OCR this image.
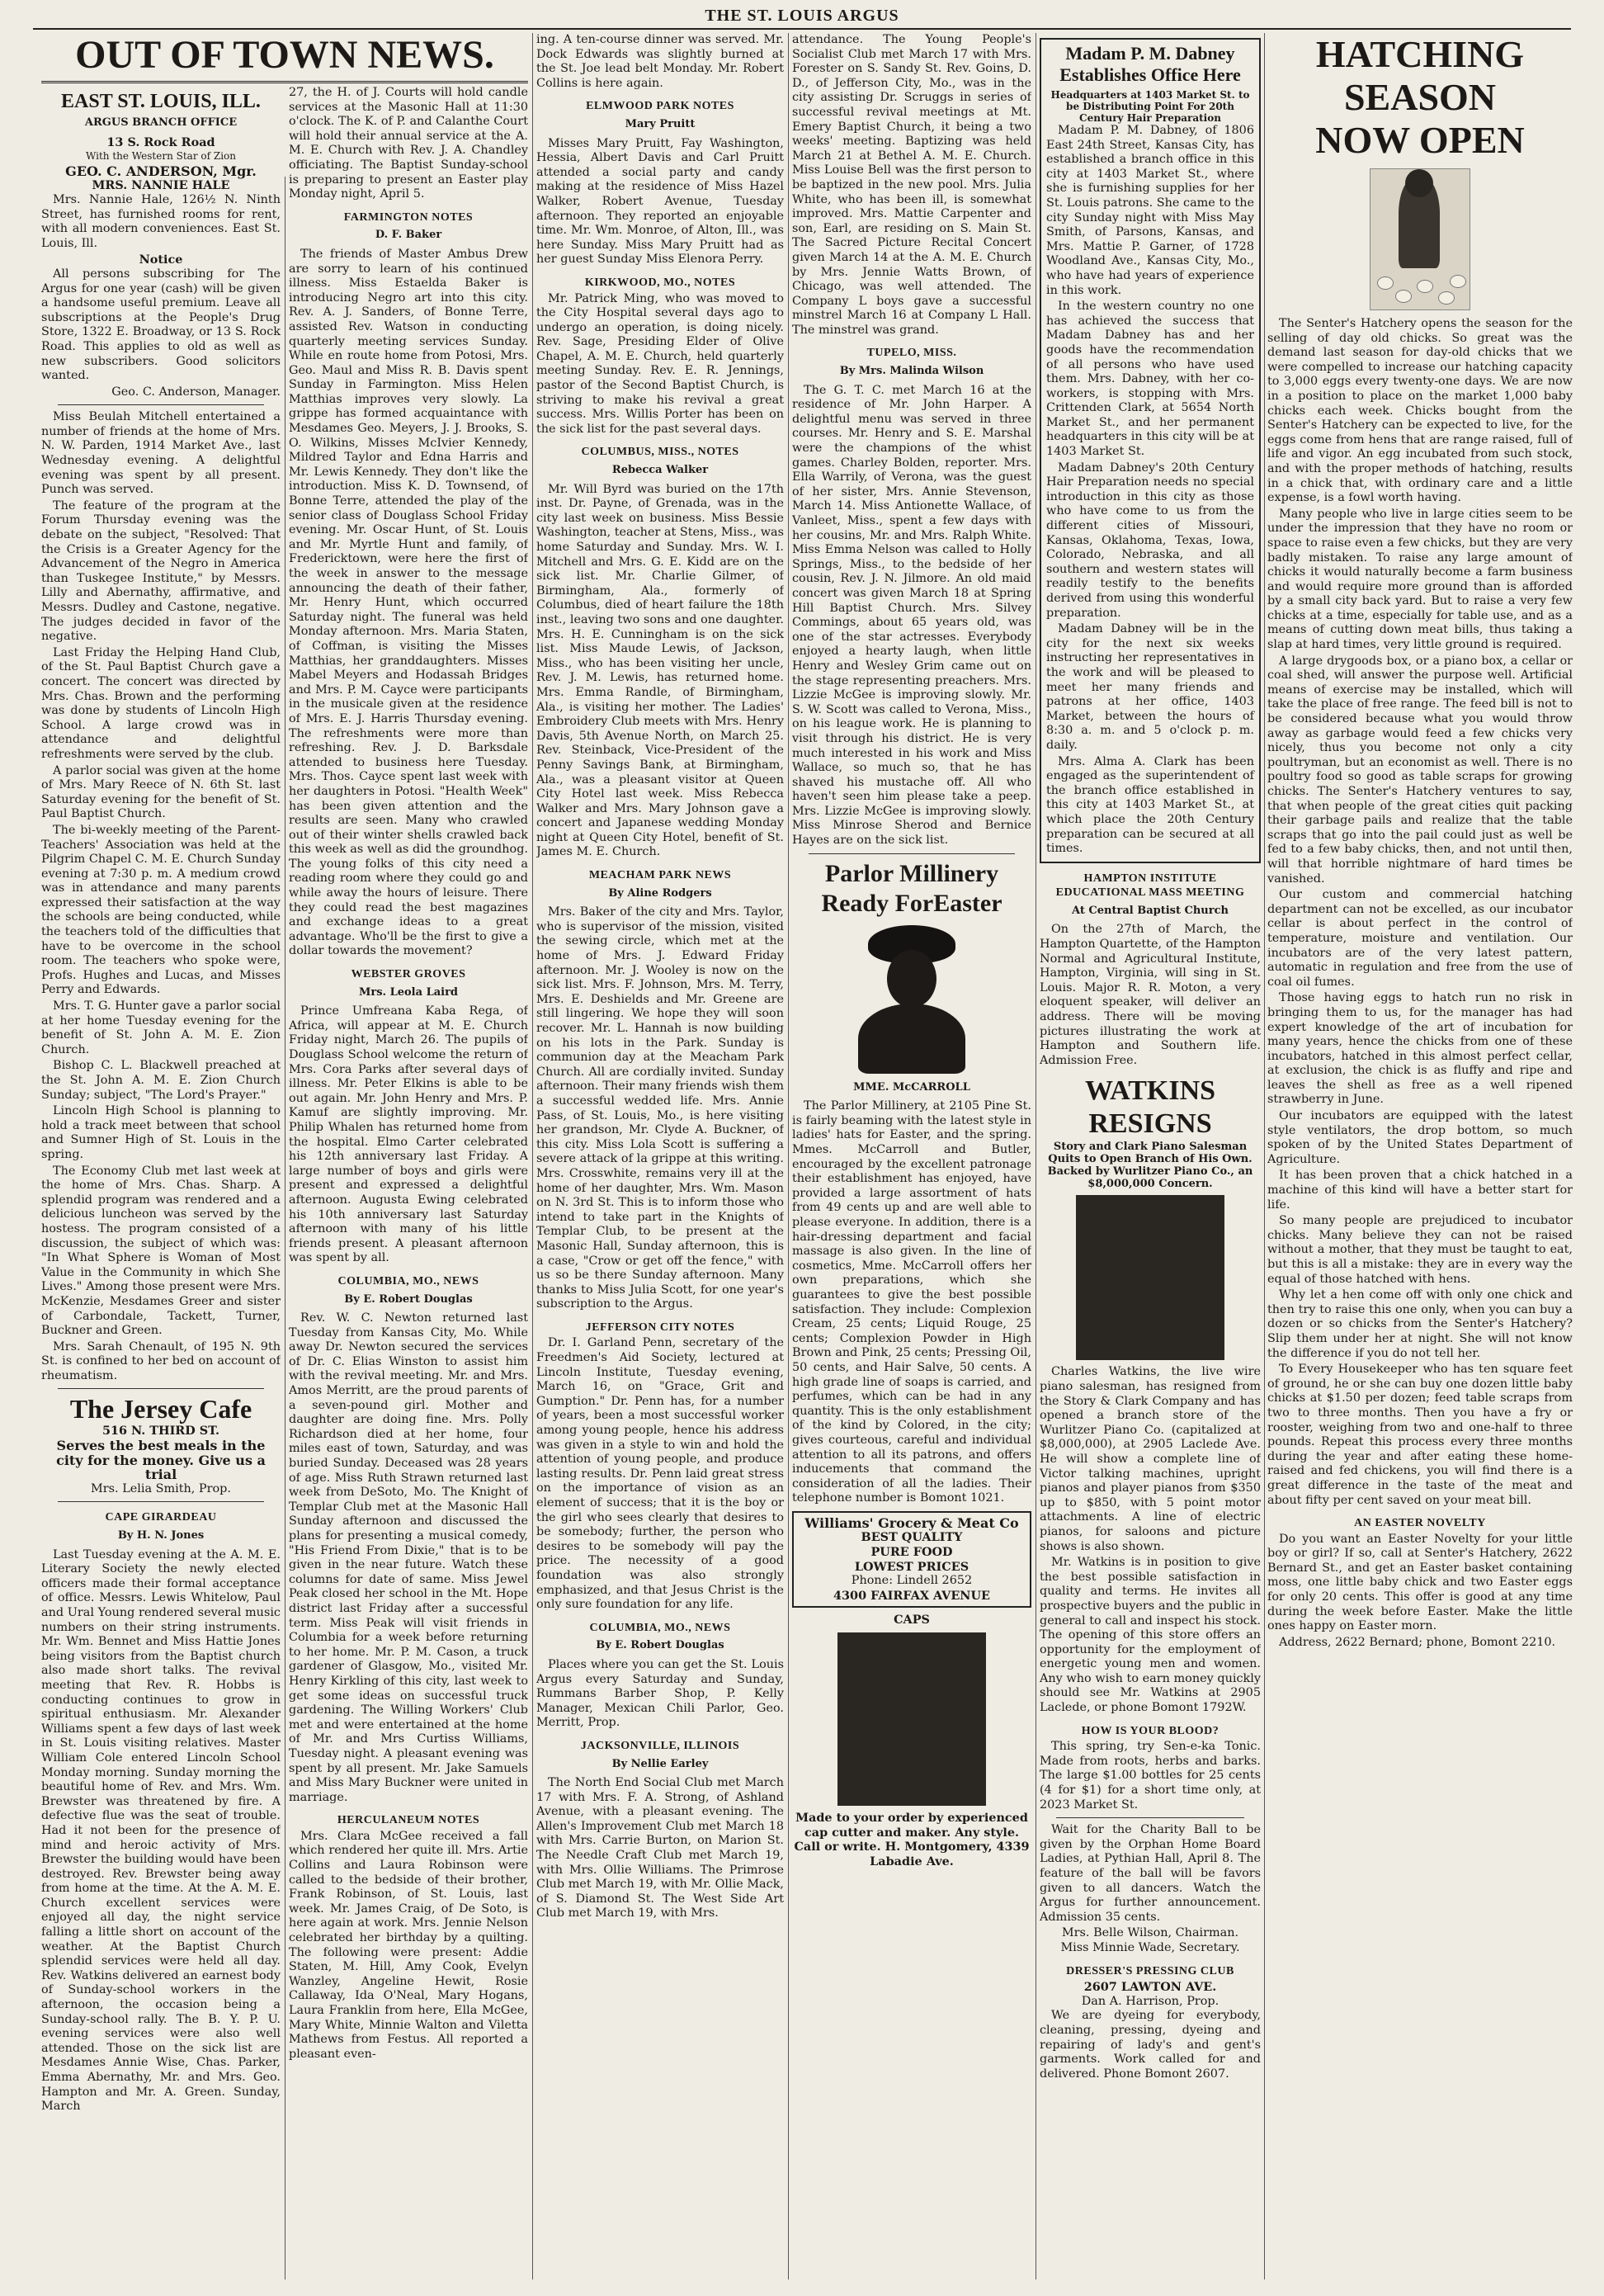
THE ST. LOUIS ARGUS
OUT OF TOWN NEWS.
EAST ST. LOUIS, ILL.
ARGUS BRANCH OFFICE
13 S. Rock Road
With the Western Star of Zion
GEO. C. ANDERSON, Mgr.
MRS. NANNIE HALE

Mrs. Nannie Hale, 126½ N. Ninth Street, has furnished rooms for rent, with all modern conveniences. East St. Louis, Ill.

Notice

All persons subscribing for The Argus for one year (cash) will be given a handsome useful premium. Leave all subscriptions at the People's Drug Store, 1322 E. Broadway, or 13 S. Rock Road. This applies to old as well as new subscribers. Good solicitors wanted.

Geo. C. Anderson, Manager.

Miss Beulah Mitchell entertained a number of friends at the home of Mrs. N. W. Parden, 1914 Market Ave., last Wednesday evening. A delightful evening was spent by all present. Punch was served.

The feature of the program at the Forum Thursday evening was the debate on the subject, "Resolved: That the Crisis is a Greater Agency for the Advancement of the Negro in America than Tuskegee Institute," by Messrs. Lilly and Abernathy, affirmative, and Messrs. Dudley and Castone, negative. The judges decided in favor of the negative.

Last Friday the Helping Hand Club, of the St. Paul Baptist Church gave a concert. The concert was directed by Mrs. Chas. Brown and the performing was done by students of Lincoln High School. A large crowd was in attendance and delightful refreshments were served by the club.

A parlor social was given at the home of Mrs. Mary Reece of N. 6th St. last Saturday evening for the benefit of St. Paul Baptist Church.

The bi-weekly meeting of the Parent-Teachers' Association was held at the Pilgrim Chapel C. M. E. Church Sunday evening at 7:30 p. m. A medium crowd was in attendance and many parents expressed their satisfaction at the way the schools are being conducted, while the teachers told of the difficulties that have to be overcome in the school room. The teachers who spoke were, Profs. Hughes and Lucas, and Misses Perry and Edwards.

Mrs. T. G. Hunter gave a parlor social at her home Tuesday evening for the benefit of St. John A. M. E. Zion Church.

Bishop C. L. Blackwell preached at the St. John A. M. E. Zion Church Sunday; subject, "The Lord's Prayer."

Lincoln High School is planning to hold a track meet between that school and Sumner High of St. Louis in the spring.

The Economy Club met last week at the home of Mrs. Chas. Sharp. A splendid program was rendered and a delicious luncheon was served by the hostess. The program consisted of a discussion, the subject of which was: "In What Sphere is Woman of Most Value in the Community in which She Lives." Among those present were Mrs. McKenzie, Mesdames Greer and sister of Carbondale, Tackett, Turner, Buckner and Green.

Mrs. Sarah Chenault, of 195 N. 9th St. is confined to her bed on account of rheumatism.

The Jersey Cafe
516 N. THIRD ST.
Serves the best meals in the city for the money. Give us a trial
Mrs. Lelia Smith, Prop.
CAPE GIRARDEAU
By H. N. Jones

Last Tuesday evening at the A. M. E. Literary Society the newly elected officers made their formal acceptance of office. Messrs. Lewis Whitelow, Paul and Ural Young rendered several music numbers on their string instruments. Mr. Wm. Bennet and Miss Hattie Jones being visitors from the Baptist church also made short talks. The revival meeting that Rev. R. Hobbs is conducting continues to grow in spiritual enthusiasm. Mr. Alexander Williams spent a few days of last week in St. Louis visiting relatives. Master William Cole entered Lincoln School Monday morning. Sunday morning the beautiful home of Rev. and Mrs. Wm. Brewster was threatened by fire. A defective flue was the seat of trouble. Had it not been for the presence of mind and heroic activity of Mrs. Brewster the building would have been destroyed. Rev. Brewster being away from home at the time. At the A. M. E. Church excellent services were enjoyed all day, the night service falling a little short on account of the weather. At the Baptist Church splendid services were held all day. Rev. Watkins delivered an earnest body of Sunday-school workers in the afternoon, the occasion being a Sunday-school rally. The B. Y. P. U. evening services were also well attended. Those on the sick list are Mesdames Annie Wise, Chas. Parker, Emma Abernathy, Mr. and Mrs. Geo. Hampton and Mr. A. Green. Sunday, March

27, the H. of J. Courts will hold candle services at the Masonic Hall at 11:30 o'clock. The K. of P. and Calanthe Court will hold their annual service at the A. M. E. Church with Rev. J. A. Chandley officiating. The Baptist Sunday-school is preparing to present an Easter play Monday night, April 5.

FARMINGTON NOTES
D. F. Baker

The friends of Master Ambus Drew are sorry to learn of his continued illness. Miss Estaelda Baker is introducing Negro art into this city. Rev. A. J. Sanders, of Bonne Terre, assisted Rev. Watson in conducting quarterly meeting services Sunday. While en route home from Potosi, Mrs. Geo. Maul and Miss R. B. Davis spent Sunday in Farmington. Miss Helen Matthias improves very slowly. La grippe has formed acquaintance with Mesdames Geo. Meyers, J. J. Brooks, S. O. Wilkins, Misses McIvier Kennedy, Mildred Taylor and Edna Harris and Mr. Lewis Kennedy. They don't like the introduction. Miss K. D. Townsend, of Bonne Terre, attended the play of the senior class of Douglass School Friday evening. Mr. Oscar Hunt, of St. Louis and Mr. Myrtle Hunt and family, of Fredericktown, were here the first of the week in answer to the message announcing the death of their father, Mr. Henry Hunt, which occurred Saturday night. The funeral was held Monday afternoon. Mrs. Maria Staten, of Coffman, is visiting the Misses Matthias, her granddaughters. Misses Mabel Meyers and Hodassah Bridges and Mrs. P. M. Cayce were participants in the musicale given at the residence of Mrs. E. J. Harris Thursday evening. The refreshments were more than refreshing. Rev. J. D. Barksdale attended to business here Tuesday. Mrs. Thos. Cayce spent last week with her daughters in Potosi. "Health Week" has been given attention and the results are seen. Many who crawled out of their winter shells crawled back this week as well as did the groundhog. The young folks of this city need a reading room where they could go and while away the hours of leisure. There they could read the best magazines and exchange ideas to a great advantage. Who'll be the first to give a dollar towards the movement?

WEBSTER GROVES
Mrs. Leola Laird

Prince Umfreana Kaba Rega, of Africa, will appear at M. E. Church Friday night, March 26. The pupils of Douglass School welcome the return of Mrs. Cora Parks after several days of illness. Mr. Peter Elkins is able to be out again. Mr. John Henry and Mrs. P. Kamuf are slightly improving. Mr. Philip Whalen has returned home from the hospital. Elmo Carter celebrated his 12th anniversary last Friday. A large number of boys and girls were present and expressed a delightful afternoon. Augusta Ewing celebrated his 10th anniversary last Saturday afternoon with many of his little friends present. A pleasant afternoon was spent by all.

COLUMBIA, MO., NEWS
By E. Robert Douglas

Rev. W. C. Newton returned last Tuesday from Kansas City, Mo. While away Dr. Newton secured the services of Dr. C. Elias Winston to assist him with the revival meeting. Mr. and Mrs. Amos Merritt, are the proud parents of a seven-pound girl. Mother and daughter are doing fine. Mrs. Polly Richardson died at her home, four miles east of town, Saturday, and was buried Sunday. Deceased was 28 years of age. Miss Ruth Strawn returned last week from DeSoto, Mo. The Knight of Templar Club met at the Masonic Hall Sunday afternoon and discussed the plans for presenting a musical comedy, "His Friend From Dixie," that is to be given in the near future. Watch these columns for date of same. Miss Jewel Peak closed her school in the Mt. Hope district last Friday after a successful term. Miss Peak will visit friends in Columbia for a week before returning to her home. Mr. P. M. Cason, a truck gardener of Glasgow, Mo., visited Mr. Henry Kirkling of this city, last week to get some ideas on successful truck gardening. The Willing Workers' Club met and were entertained at the home of Mr. and Mrs Curtiss Williams, Tuesday night. A pleasant evening was spent by all present. Mr. Jake Samuels and Miss Mary Buckner were united in marriage.

HERCULANEUM NOTES

Mrs. Clara McGee received a fall which rendered her quite ill. Mrs. Artie Collins and Laura Robinson were called to the bedside of their brother, Frank Robinson, of St. Louis, last week. Mr. James Craig, of De Soto, is here again at work. Mrs. Jennie Nelson celebrated her birthday by a quilting. The following were present: Addie Staten, M. Hill, Amy Cook, Evelyn Wanzley, Angeline Hewit, Rosie Callaway, Ida O'Neal, Mary Hogans, Laura Franklin from here, Ella McGee, Mary White, Minnie Walton and Viletta Mathews from Festus. All reported a pleasant even-

ing. A ten-course dinner was served. Mr. Dock Edwards was slightly burned at the St. Joe lead belt Monday. Mr. Robert Collins is here again.

ELMWOOD PARK NOTES
Mary Pruitt

Misses Mary Pruitt, Fay Washington, Hessia, Albert Davis and Carl Pruitt attended a social party and candy making at the residence of Miss Hazel Walker, Robert Avenue, Tuesday afternoon. They reported an enjoyable time. Mr. Wm. Monroe, of Alton, Ill., was here Sunday. Miss Mary Pruitt had as her guest Sunday Miss Elenora Perry.

KIRKWOOD, MO., NOTES

Mr. Patrick Ming, who was moved to the City Hospital several days ago to undergo an operation, is doing nicely. Rev. Sage, Presiding Elder of Olive Chapel, A. M. E. Church, held quarterly meeting Sunday. Rev. E. R. Jennings, pastor of the Second Baptist Church, is striving to make his revival a great success. Mrs. Willis Porter has been on the sick list for the past several days.

COLUMBUS, MISS., NOTES
Rebecca Walker

Mr. Will Byrd was buried on the 17th inst. Dr. Payne, of Grenada, was in the city last week on business. Miss Bessie Washington, teacher at Stens, Miss., was home Saturday and Sunday. Mrs. W. I. Mitchell and Mrs. G. E. Kidd are on the sick list. Mr. Charlie Gilmer, of Birmingham, Ala., formerly of Columbus, died of heart failure the 18th inst., leaving two sons and one daughter. Mrs. H. E. Cunningham is on the sick list. Miss Maude Lewis, of Jackson, Miss., who has been visiting her uncle, Rev. J. M. Lewis, has returned home. Mrs. Emma Randle, of Birmingham, Ala., is visiting her mother. The Ladies' Embroidery Club meets with Mrs. Henry Davis, 5th Avenue North, on March 25. Rev. Steinback, Vice-President of the Penny Savings Bank, at Birmingham, Ala., was a pleasant visitor at Queen City Hotel last week. Miss Rebecca Walker and Mrs. Mary Johnson gave a concert and Japanese wedding Monday night at Queen City Hotel, benefit of St. James M. E. Church.

MEACHAM PARK NEWS
By Aline Rodgers

Mrs. Baker of the city and Mrs. Taylor, who is supervisor of the mission, visited the sewing circle, which met at the home of Mrs. J. Edward Friday afternoon. Mr. J. Wooley is now on the sick list. Mrs. F. Johnson, Mrs. M. Terry, Mrs. E. Deshields and Mr. Greene are still lingering. We hope they will soon recover. Mr. L. Hannah is now building on his lots in the Park. Sunday is communion day at the Meacham Park Church. All are cordially invited. Sunday afternoon. Their many friends wish them a successful wedded life. Mrs. Annie Pass, of St. Louis, Mo., is here visiting her grandson, Mr. Clyde A. Buckner, of this city. Miss Lola Scott is suffering a severe attack of la grippe at this writing. Mrs. Crosswhite, remains very ill at the home of her daughter, Mrs. Wm. Mason on N. 3rd St. This is to inform those who intend to take part in the Knights of Templar Club, to be present at the Masonic Hall, Sunday afternoon, this is a case, "Crow or get off the fence," with us so be there Sunday afternoon. Many thanks to Miss Julia Scott, for one year's subscription to the Argus.

JEFFERSON CITY NOTES

Dr. I. Garland Penn, secretary of the Freedmen's Aid Society, lectured at Lincoln Institute, Tuesday evening, March 16, on "Grace, Grit and Gumption." Dr. Penn has, for a number of years, been a most successful worker among young people, hence his address was given in a style to win and hold the attention of young people, and produce lasting results. Dr. Penn laid great stress on the importance of vision as an element of success; that it is the boy or the girl who sees clearly that desires to be somebody; further, the person who desires to be somebody will pay the price. The necessity of a good foundation was also strongly emphasized, and that Jesus Christ is the only sure foundation for any life.

COLUMBIA, MO., NEWS
By E. Robert Douglas

Places where you can get the St. Louis Argus every Saturday and Sunday, Rummans Barber Shop, P. Kelly Manager, Mexican Chili Parlor, Geo. Merritt, Prop.

JACKSONVILLE, ILLINOIS
By Nellie Earley

The North End Social Club met March 17 with Mrs. F. A. Strong, of Ashland Avenue, with a pleasant evening. The Allen's Improvement Club met March 18 with Mrs. Carrie Burton, on Marion St. The Needle Craft Club met March 19, with Mrs. Ollie Williams. The Primrose Club met March 19, with Mr. Ollie Mack, of S. Diamond St. The West Side Art Club met March 19, with Mrs.

attendance. The Young People's Socialist Club met March 17 with Mrs. Forester on S. Sandy St. Rev. Goins, D. D., of Jefferson City, Mo., was in the city assisting Dr. Scruggs in series of successful revival meetings at Mt. Emery Baptist Church, it being a two weeks' meeting. Baptizing was held March 21 at Bethel A. M. E. Church. Miss Louise Bell was the first person to be baptized in the new pool. Mrs. Julia White, who has been ill, is somewhat improved. Mrs. Mattie Carpenter and son, Earl, are residing on S. Main St. The Sacred Picture Recital Concert given March 14 at the A. M. E. Church by Mrs. Jennie Watts Brown, of Chicago, was well attended. The Company L boys gave a successful minstrel March 16 at Company L Hall. The minstrel was grand.

TUPELO, MISS.
By Mrs. Malinda Wilson

The G. T. C. met March 16 at the residence of Mr. John Harper. A delightful menu was served in three courses. Mr. Henry and S. E. Marshal were the champions of the whist games. Charley Bolden, reporter. Mrs. Ella Warrily, of Verona, was the guest of her sister, Mrs. Annie Stevenson, March 14. Miss Antionette Wallace, of Vanleet, Miss., spent a few days with her cousins, Mr. and Mrs. Ralph White. Miss Emma Nelson was called to Holly Springs, Miss., to the bedside of her cousin, Rev. J. N. Jilmore. An old maid concert was given March 18 at Spring Hill Baptist Church. Mrs. Silvey Commings, about 65 years old, was one of the star actresses. Everybody enjoyed a hearty laugh, when little Henry and Wesley Grim came out on the stage representing preachers. Mrs. Lizzie McGee is improving slowly. Mr. S. W. Scott was called to Verona, Miss., on his league work. He is planning to visit through his district. He is very much interested in his work and Miss Wallace, so much so, that he has shaved his mustache off. All who haven't seen him please take a peep. Mrs. Lizzie McGee is improving slowly. Miss Minrose Sherod and Bernice Hayes are on the sick list.

Parlor Millinery Ready ForEaster
MME. McCARROLL

The Parlor Millinery, at 2105 Pine St. is fairly beaming with the latest style in ladies' hats for Easter, and the spring. Mmes. McCarroll and Butler, encouraged by the excellent patronage their establishment has enjoyed, have provided a large assortment of hats from 49 cents up and are well able to please everyone. In addition, there is a hair-dressing department and facial massage is also given. In the line of cosmetics, Mme. McCarroll offers her own preparations, which she guarantees to give the best possible satisfaction. They include: Complexion Cream, 25 cents; Liquid Rouge, 25 cents; Complexion Powder in High Brown and Pink, 25 cents; Pressing Oil, 50 cents, and Hair Salve, 50 cents. A high grade line of soaps is carried, and perfumes, which can be had in any quantity. This is the only establishment of the kind by Colored, in the city; gives courteous, careful and individual attention to all its patrons, and offers inducements that command the consideration of all the ladies. Their telephone number is Bomont 1021.

Williams' Grocery & Meat Co
BEST QUALITY
PURE FOOD
LOWEST PRICES
Phone: Lindell 2652
4300 FAIRFAX AVENUE
CAPS

Made to your order by experienced cap cutter and maker. Any style. Call or write. H. Montgomery, 4339 Labadie Ave.

Madam P. M. Dabney Establishes Office Here
Headquarters at 1403 Market St. to be Distributing Point For 20th Century Hair Preparation

Madam P. M. Dabney, of 1806 East 24th Street, Kansas City, has established a branch office in this city at 1403 Market St., where she is furnishing supplies for her St. Louis patrons. She came to the city Sunday night with Miss May Smith, of Parsons, Kansas, and Mrs. Mattie P. Garner, of 1728 Woodland Ave., Kansas City, Mo., who have had years of experience in this work.

In the western country no one has achieved the success that Madam Dabney has and her goods have the recommendation of all persons who have used them. Mrs. Dabney, with her co-workers, is stopping with Mrs. Crittenden Clark, at 5654 North Market St., and her permanent headquarters in this city will be at 1403 Market St.

Madam Dabney's 20th Century Hair Preparation needs no special introduction in this city as those who have come to us from the different cities of Missouri, Kansas, Oklahoma, Texas, Iowa, Colorado, Nebraska, and all southern and western states will readily testify to the benefits derived from using this wonderful preparation.

Madam Dabney will be in the city for the next six weeks instructing her representatives in the work and will be pleased to meet her many friends and patrons at her office, 1403 Market, between the hours of 8:30 a. m. and 5 o'clock p. m. daily.

Mrs. Alma A. Clark has been engaged as the superintendent of the branch office established in this city at 1403 Market St., at which place the 20th Century preparation can be secured at all times.

HAMPTON INSTITUTE EDUCATIONAL MASS MEETING
At Central Baptist Church

On the 27th of March, the Hampton Quartette, of the Hampton Normal and Agricultural Institute, Hampton, Virginia, will sing in St. Louis. Major R. R. Moton, a very eloquent speaker, will deliver an address. There will be moving pictures illustrating the work at Hampton and Southern life. Admission Free.

WATKINS RESIGNS
Story and Clark Piano Salesman Quits to Open Branch of His Own. Backed by Wurlitzer Piano Co., an $8,000,000 Concern.

Charles Watkins, the live wire piano salesman, has resigned from the Story & Clark Company and has opened a branch store of the Wurlitzer Piano Co. (capitalized at $8,000,000), at 2905 Laclede Ave. He will show a complete line of Victor talking machines, upright pianos and player pianos from $350 up to $850, with 5 point motor attachments. A line of electric pianos, for saloons and picture shows is also shown.

Mr. Watkins is in position to give the best possible satisfaction in quality and terms. He invites all prospective buyers and the public in general to call and inspect his stock. The opening of this store offers an opportunity for the employment of energetic young men and women. Any who wish to earn money quickly should see Mr. Watkins at 2905 Laclede, or phone Bomont 1792W.

HOW IS YOUR BLOOD?

This spring, try Sen-e-ka Tonic. Made from roots, herbs and barks. The large $1.00 bottles for 25 cents (4 for $1) for a short time only, at 2023 Market St.

Wait for the Charity Ball to be given by the Orphan Home Board Ladies, at Pythian Hall, April 8. The feature of the ball will be favors given to all dancers. Watch the Argus for further announcement. Admission 35 cents.

Mrs. Belle Wilson, Chairman.
Miss Minnie Wade, Secretary.
DRESSER'S PRESSING CLUB
2607 LAWTON AVE.
Dan A. Harrison, Prop.

We are dyeing for everybody, cleaning, pressing, dyeing and repairing of lady's and gent's garments. Work called for and delivered. Phone Bomont 2607.

HATCHING
SEASON
NOW OPEN

The Senter's Hatchery opens the season for the selling of day old chicks. So great was the demand last season for day-old chicks that we were compelled to increase our hatching capacity to 3,000 eggs every twenty-one days. We are now in a position to place on the market 1,000 baby chicks each week. Chicks bought from the Senter's Hatchery can be expected to live, for the eggs come from hens that are range raised, full of life and vigor. An egg incubated from such stock, and with the proper methods of hatching, results in a chick that, with ordinary care and a little expense, is a fowl worth having.

Many people who live in large cities seem to be under the impression that they have no room or space to raise even a few chicks, but they are very badly mistaken. To raise any large amount of chicks it would naturally become a farm business and would require more ground than is afforded by a small city back yard. But to raise a very few chicks at a time, especially for table use, and as a means of cutting down meat bills, thus taking a slap at hard times, very little ground is required.

A large drygoods box, or a piano box, a cellar or coal shed, will answer the purpose well. Artificial means of exercise may be installed, which will take the place of free range. The feed bill is not to be considered because what you would throw away as garbage would feed a few chicks very nicely, thus you become not only a city poultryman, but an economist as well. There is no poultry food so good as table scraps for growing chicks. The Senter's Hatchery ventures to say, that when people of the great cities quit packing their garbage pails and realize that the table scraps that go into the pail could just as well be fed to a few baby chicks, then, and not until then, will that horrible nightmare of hard times be vanished.

Our custom and commercial hatching department can not be excelled, as our incubator cellar is about perfect in the control of temperature, moisture and ventilation. Our incubators are of the very latest pattern, automatic in regulation and free from the use of coal oil fumes.

Those having eggs to hatch run no risk in bringing them to us, for the manager has had expert knowledge of the art of incubation for many years, hence the chicks from one of these incubators, hatched in this almost perfect cellar, at exclusion, the chick is as fluffy and ripe and leaves the shell as free as a well ripened strawberry in June.

Our incubators are equipped with the latest style ventilators, the drop bottom, so much spoken of by the United States Department of Agriculture.

It has been proven that a chick hatched in a machine of this kind will have a better start for life.

So many people are prejudiced to incubator chicks. Many believe they can not be raised without a mother, that they must be taught to eat, but this is all a mistake: they are in every way the equal of those hatched with hens.

Why let a hen come off with only one chick and then try to raise this one only, when you can buy a dozen or so chicks from the Senter's Hatchery? Slip them under her at night. She will not know the difference if you do not tell her.

To Every Housekeeper who has ten square feet of ground, he or she can buy one dozen little baby chicks at $1.50 per dozen; feed table scraps from two to three months. Then you have a fry or rooster, weighing from two and one-half to three pounds. Repeat this process every three months during the year and after eating these home-raised and fed chickens, you will find there is a great difference in the taste of the meat and about fifty per cent saved on your meat bill.

AN EASTER NOVELTY

Do you want an Easter Novelty for your little boy or girl? If so, call at Senter's Hatchery, 2622 Bernard St., and get an Easter basket containing moss, one little baby chick and two Easter eggs for only 20 cents. This offer is good at any time during the week before Easter. Make the little ones happy on Easter morn.

Address, 2622 Bernard; phone, Bomont 2210.
